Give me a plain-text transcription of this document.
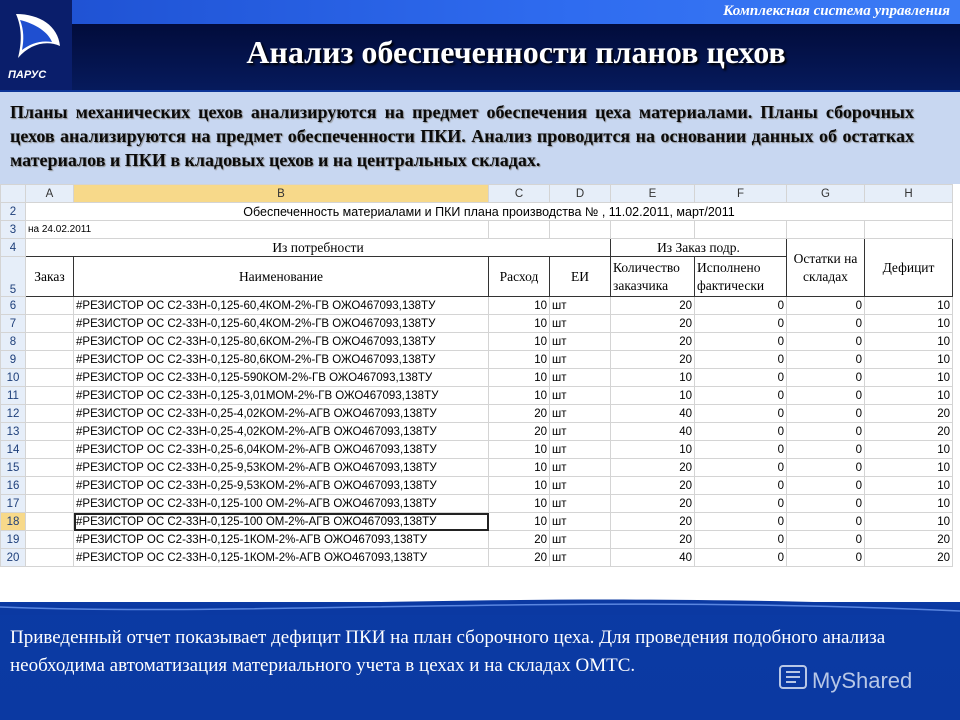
ПАРУС
Комплексная система управления
Анализ обеспеченности планов цехов

Планы механических цехов анализируются на предмет обеспечения цеха материалами. Планы сборочных цехов анализируются на предмет обеспеченности ПКИ. Анализ проводится на основании данных об остатках материалов и ПКИ в кладовых цехов и на центральных складах.

	A	B	C	D	E	F	G	H
2	Обеспеченность материалами и ПКИ плана производства № , 11.02.2011, март/2011							
3	на 24.02.2011							
4	Из потребности				Из Заказ подр.		Остатки на складах	Дефицит
5	Заказ	Наименование	Расход	ЕИ	Количество заказчика	Исполнено фактически		
6		#РЕЗИСТОР ОС С2-33Н-0,125-60,4КОМ-2%-ГВ ОЖО467093,138ТУ	10	шт	20	0	0	10
7		#РЕЗИСТОР ОС С2-33Н-0,125-60,4КОМ-2%-ГВ ОЖО467093,138ТУ	10	шт	20	0	0	10
8		#РЕЗИСТОР ОС С2-33Н-0,125-80,6КОМ-2%-ГВ ОЖО467093,138ТУ	10	шт	20	0	0	10
9		#РЕЗИСТОР ОС С2-33Н-0,125-80,6КОМ-2%-ГВ ОЖО467093,138ТУ	10	шт	20	0	0	10
10		#РЕЗИСТОР ОС С2-33Н-0,125-590КОМ-2%-ГВ ОЖО467093,138ТУ	10	шт	10	0	0	10
11		#РЕЗИСТОР ОС С2-33Н-0,125-3,01МОМ-2%-ГВ ОЖО467093,138ТУ	10	шт	10	0	0	10
12		#РЕЗИСТОР ОС С2-33Н-0,25-4,02КОМ-2%-АГВ ОЖО467093,138ТУ	20	шт	40	0	0	20
13		#РЕЗИСТОР ОС С2-33Н-0,25-4,02КОМ-2%-АГВ ОЖО467093,138ТУ	20	шт	40	0	0	20
14		#РЕЗИСТОР ОС С2-33Н-0,25-6,04КОМ-2%-АГВ ОЖО467093,138ТУ	10	шт	10	0	0	10
15		#РЕЗИСТОР ОС С2-33Н-0,25-9,53КОМ-2%-АГВ ОЖО467093,138ТУ	10	шт	20	0	0	10
16		#РЕЗИСТОР ОС С2-33Н-0,25-9,53КОМ-2%-АГВ ОЖО467093,138ТУ	10	шт	20	0	0	10
17		#РЕЗИСТОР ОС С2-33Н-0,125-100 ОМ-2%-АГВ ОЖО467093,138ТУ	10	шт	20	0	0	10
18		#РЕЗИСТОР ОС С2-33Н-0,125-100 ОМ-2%-АГВ ОЖО467093,138ТУ	10	шт	20	0	0	10
19		#РЕЗИСТОР ОС С2-33Н-0,125-1КОМ-2%-АГВ ОЖО467093,138ТУ	20	шт	20	0	0	20
20		#РЕЗИСТОР ОС С2-33Н-0,125-1КОМ-2%-АГВ ОЖО467093,138ТУ	20	шт	40	0	0	20
Приведенный отчет показывает дефицит ПКИ на план сборочного цеха. Для проведения подобного анализа необходима автоматизация материального учета в цехах и на складах ОМТС.
MyShared
